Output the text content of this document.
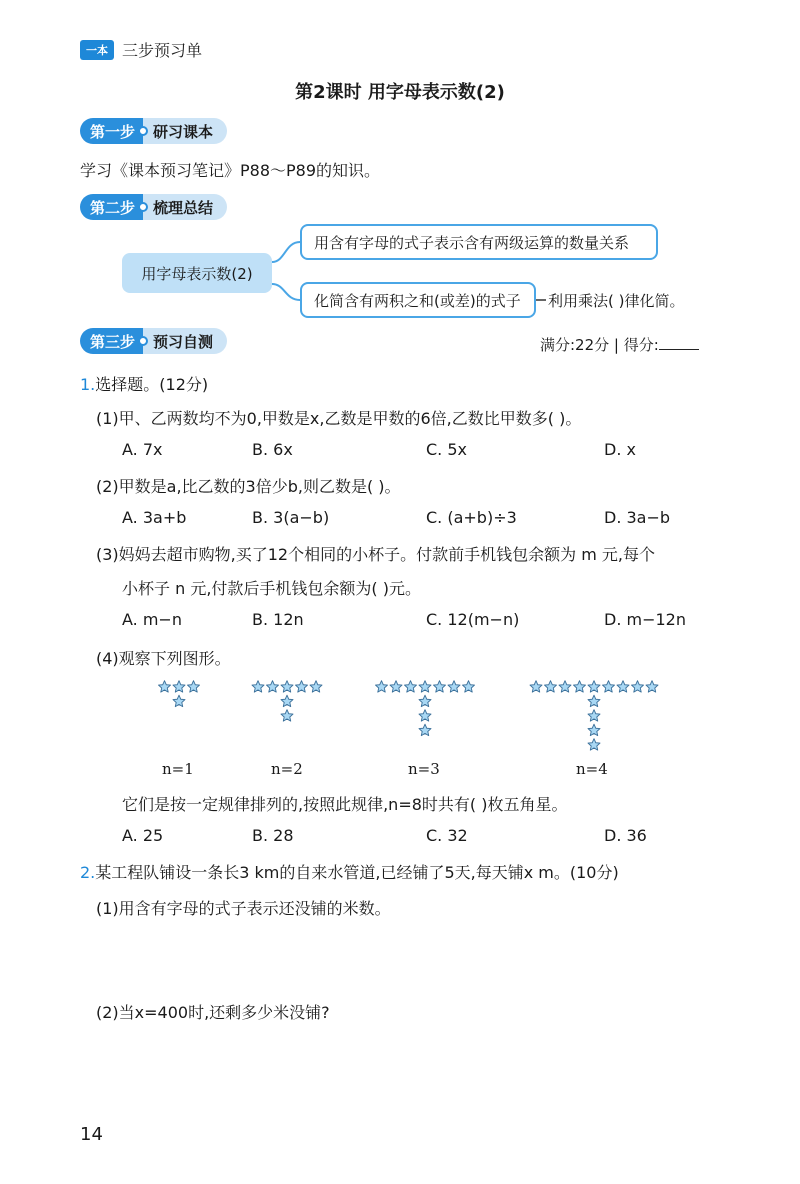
一本 三步预习单
第2课时 用字母表示数(2)
第一步	研习课本
学习《课本预习笔记》P88～P89的知识。
第二步	梳理总结
用字母表示数(2)
用含有字母的式子表示含有两级运算的数量关系
化简含有两积之和(或差)的式子	利用乘法( )律化简。
第三步	预习自测	满分:22分 | 得分:
1.选择题。(12分)
(1)甲、乙两数均不为0,甲数是x,乙数是甲数的6倍,乙数比甲数多( )。
A. 7x	B. 6x	C. 5x	D. x
(2)甲数是a,比乙数的3倍少b,则乙数是( )。
A. 3a+b	B. 3(a−b)	C. (a+b)÷3	D. 3a−b
(3)妈妈去超市购物,买了12个相同的小杯子。付款前手机钱包余额为 m 元,每个
小杯子 n 元,付款后手机钱包余额为( )元。
A. m−n	B. 12n	C. 12(m−n)	D. m−12n
(4)观察下列图形。
n=1	n=2	n=3	n=4
它们是按一定规律排列的,按照此规律,n=8时共有( )枚五角星。
A. 25	B. 28	C. 32	D. 36
2.某工程队铺设一条长3 km的自来水管道,已经铺了5天,每天铺x m。(10分)
(1)用含有字母的式子表示还没铺的米数。
(2)当x=400时,还剩多少米没铺?
14
